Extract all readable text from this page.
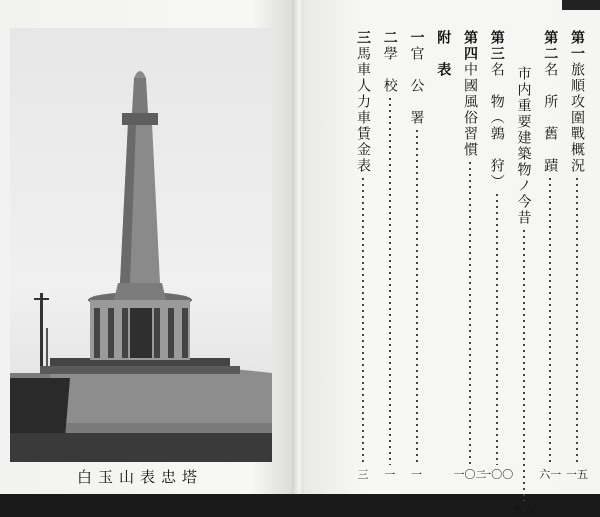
白玉山表忠塔
第一
旅順攻圍戰概況
一五
第二
名　所　舊　蹟
六一
市内重要建築物ノ今昔
九六
第三
名　物（鶉　狩）
一〇〇
第四
中國風俗習慣
一〇二
附　表
一
官　公　署
一
二
學　校
一
三
馬車人力車賃金表
三
